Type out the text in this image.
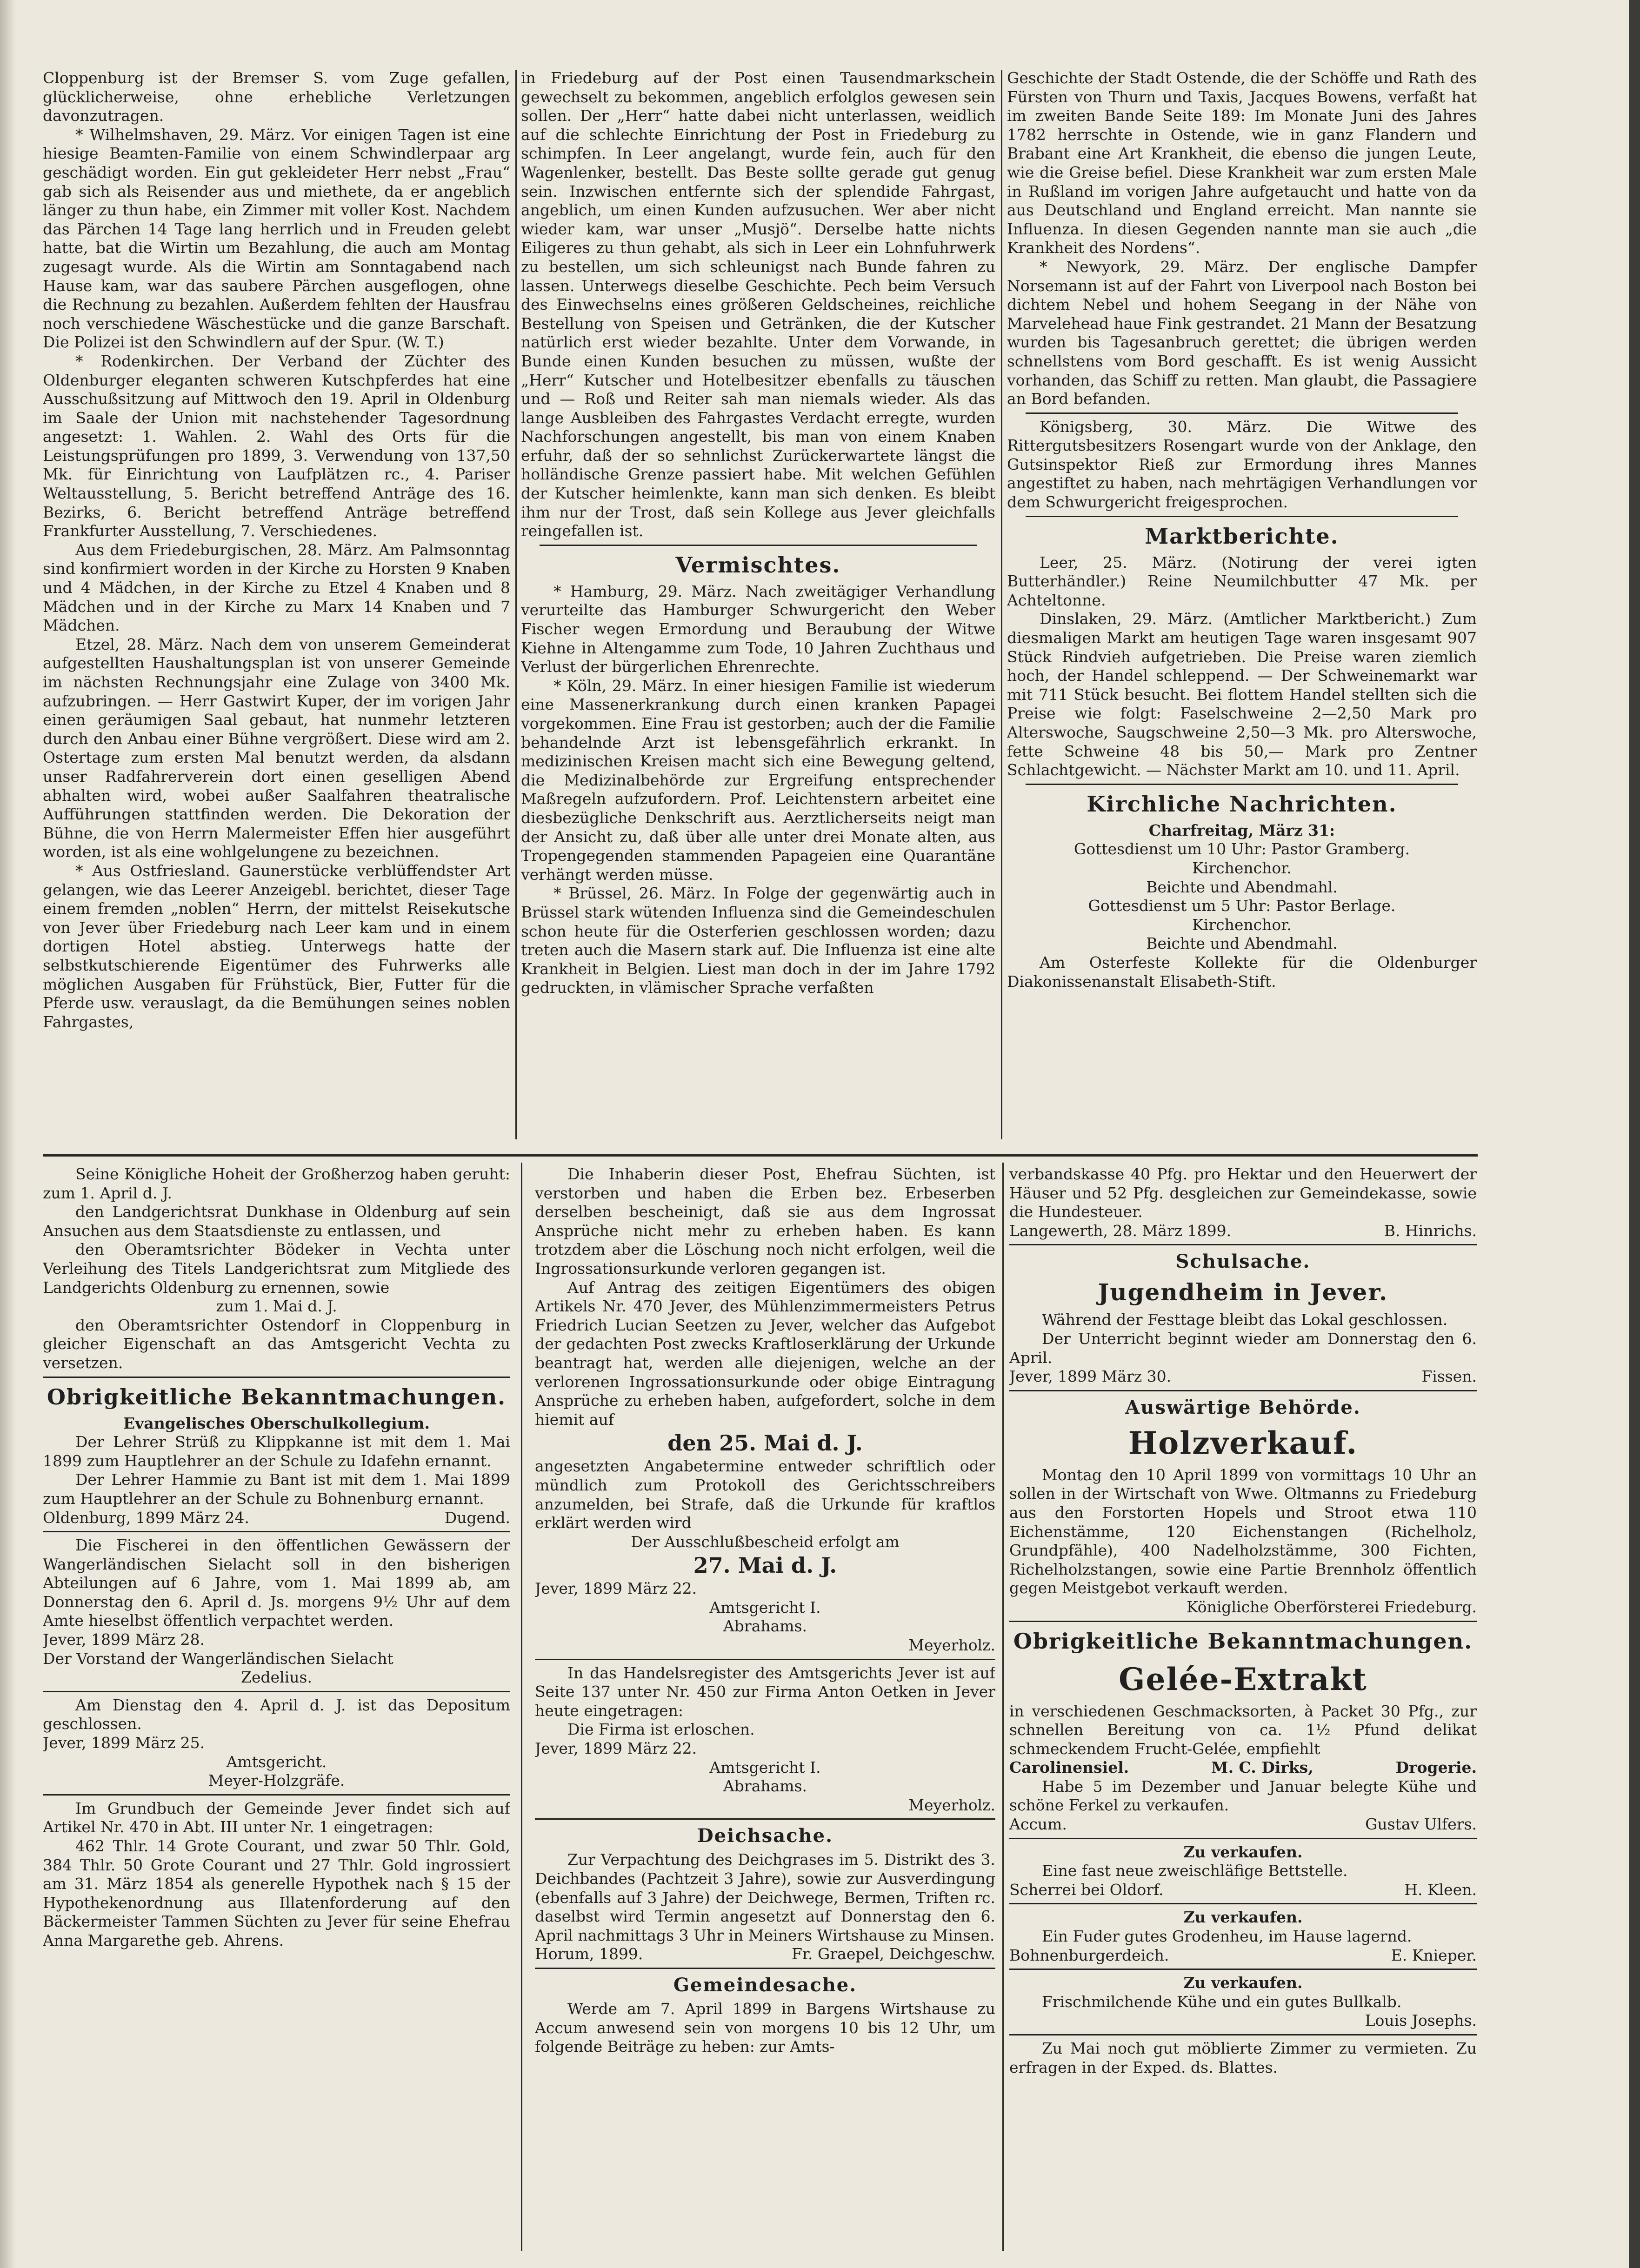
Cloppenburg ist der Bremser S. vom Zuge gefallen, glücklicherweise, ohne erhebliche Verletzungen davonzutragen.

* Wilhelmshaven, 29. März. Vor einigen Tagen ist eine hiesige Beamten-Familie von einem Schwindlerpaar arg geschädigt worden. Ein gut gekleideter Herr nebst „Frau“ gab sich als Reisender aus und miethete, da er angeblich länger zu thun habe, ein Zimmer mit voller Kost. Nachdem das Pärchen 14 Tage lang herrlich und in Freuden gelebt hatte, bat die Wirtin um Bezahlung, die auch am Montag zugesagt wurde. Als die Wirtin am Sonntagabend nach Hause kam, war das saubere Pärchen ausgeflogen, ohne die Rechnung zu bezahlen. Außerdem fehlten der Hausfrau noch verschiedene Wäschestücke und die ganze Barschaft. Die Polizei ist den Schwindlern auf der Spur. (W. T.)

* Rodenkirchen. Der Verband der Züchter des Oldenburger eleganten schweren Kutschpferdes hat eine Ausschußsitzung auf Mittwoch den 19. April in Oldenburg im Saale der Union mit nachstehender Tagesordnung angesetzt: 1. Wahlen. 2. Wahl des Orts für die Leistungsprüfungen pro 1899, 3. Verwendung von 137,50 Mk. für Einrichtung von Laufplätzen rc., 4. Pariser Weltausstellung, 5. Bericht betreffend Anträge des 16. Bezirks, 6. Bericht betreffend Anträge betreffend Frankfurter Ausstellung, 7. Verschiedenes.

Aus dem Friedeburgischen, 28. März. Am Palmsonntag sind konfirmiert worden in der Kirche zu Horsten 9 Knaben und 4 Mädchen, in der Kirche zu Etzel 4 Knaben und 8 Mädchen und in der Kirche zu Marx 14 Knaben und 7 Mädchen.

Etzel, 28. März. Nach dem von unserem Gemeinderat aufgestellten Haushaltungsplan ist von unserer Gemeinde im nächsten Rechnungsjahr eine Zulage von 3400 Mk. aufzubringen. — Herr Gastwirt Kuper, der im vorigen Jahr einen geräumigen Saal gebaut, hat nunmehr letzteren durch den Anbau einer Bühne vergrößert. Diese wird am 2. Ostertage zum ersten Mal benutzt werden, da alsdann unser Radfahrerverein dort einen geselligen Abend abhalten wird, wobei außer Saalfahren theatralische Aufführungen stattfinden werden. Die Dekoration der Bühne, die von Herrn Malermeister Effen hier ausgeführt worden, ist als eine wohlgelungene zu bezeichnen.

* Aus Ostfriesland. Gaunerstücke verblüffendster Art gelangen, wie das Leerer Anzeigebl. berichtet, dieser Tage einem fremden „noblen“ Herrn, der mittelst Reisekutsche von Jever über Friedeburg nach Leer kam und in einem dortigen Hotel abstieg. Unterwegs hatte der selbstkutschierende Eigentümer des Fuhrwerks alle möglichen Ausgaben für Frühstück, Bier, Futter für die Pferde usw. verauslagt, da die Bemühungen seines noblen Fahrgastes,

in Friedeburg auf der Post einen Tausendmarkschein gewechselt zu bekommen, angeblich erfolglos gewesen sein sollen. Der „Herr“ hatte dabei nicht unterlassen, weidlich auf die schlechte Einrichtung der Post in Friedeburg zu schimpfen. In Leer angelangt, wurde fein, auch für den Wagenlenker, bestellt. Das Beste sollte gerade gut genug sein. Inzwischen entfernte sich der splendide Fahrgast, angeblich, um einen Kunden aufzusuchen. Wer aber nicht wieder kam, war unser „Musjö“. Derselbe hatte nichts Eiligeres zu thun gehabt, als sich in Leer ein Lohnfuhrwerk zu bestellen, um sich schleunigst nach Bunde fahren zu lassen. Unterwegs dieselbe Geschichte. Pech beim Versuch des Einwechselns eines größeren Geldscheines, reichliche Bestellung von Speisen und Getränken, die der Kutscher natürlich erst wieder bezahlte. Unter dem Vorwande, in Bunde einen Kunden besuchen zu müssen, wußte der „Herr“ Kutscher und Hotelbesitzer ebenfalls zu täuschen und — Roß und Reiter sah man niemals wieder. Als das lange Ausbleiben des Fahrgastes Verdacht erregte, wurden Nachforschungen angestellt, bis man von einem Knaben erfuhr, daß der so sehnlichst Zurückerwartete längst die holländische Grenze passiert habe. Mit welchen Gefühlen der Kutscher heimlenkte, kann man sich denken. Es bleibt ihm nur der Trost, daß sein Kollege aus Jever gleichfalls reingefallen ist.

Vermischtes.

* Hamburg, 29. März. Nach zweitägiger Verhandlung verurteilte das Hamburger Schwurgericht den Weber Fischer wegen Ermordung und Beraubung der Witwe Kiehne in Altengamme zum Tode, 10 Jahren Zuchthaus und Verlust der bürgerlichen Ehrenrechte.

* Köln, 29. März. In einer hiesigen Familie ist wiederum eine Massenerkrankung durch einen kranken Papagei vorgekommen. Eine Frau ist gestorben; auch der die Familie behandelnde Arzt ist lebensgefährlich erkrankt. In medizinischen Kreisen macht sich eine Bewegung geltend, die Medizinalbehörde zur Ergreifung entsprechender Maßregeln aufzufordern. Prof. Leichtenstern arbeitet eine diesbezügliche Denkschrift aus. Aerztlicherseits neigt man der Ansicht zu, daß über alle unter drei Monate alten, aus Tropengegenden stammenden Papageien eine Quarantäne verhängt werden müsse.

* Brüssel, 26. März. In Folge der gegenwärtig auch in Brüssel stark wütenden Influenza sind die Gemeindeschulen schon heute für die Osterferien geschlossen worden; dazu treten auch die Masern stark auf. Die Influenza ist eine alte Krankheit in Belgien. Liest man doch in der im Jahre 1792 gedruckten, in vlämischer Sprache verfaßten

Geschichte der Stadt Ostende, die der Schöffe und Rath des Fürsten von Thurn und Taxis, Jacques Bowens, verfaßt hat im zweiten Bande Seite 189: Im Monate Juni des Jahres 1782 herrschte in Ostende, wie in ganz Flandern und Brabant eine Art Krankheit, die ebenso die jungen Leute, wie die Greise befiel. Diese Krankheit war zum ersten Male in Rußland im vorigen Jahre aufgetaucht und hatte von da aus Deutschland und England erreicht. Man nannte sie Influenza. In diesen Gegenden nannte man sie auch „die Krankheit des Nordens“.

* Newyork, 29. März. Der englische Dampfer Norsemann ist auf der Fahrt von Liverpool nach Boston bei dichtem Nebel und hohem Seegang in der Nähe von Marvelehead haue Fink gestrandet. 21 Mann der Besatzung wurden bis Tagesanbruch gerettet; die übrigen werden schnellstens vom Bord geschafft. Es ist wenig Aussicht vorhanden, das Schiff zu retten. Man glaubt, die Passagiere an Bord befanden.

Königsberg, 30. März. Die Witwe des Rittergutsbesitzers Rosengart wurde von der Anklage, den Gutsinspektor Rieß zur Ermordung ihres Mannes angestiftet zu haben, nach mehrtägigen Verhandlungen vor dem Schwurgericht freigesprochen.

Marktberichte.

Leer, 25. März. (Notirung der verei igten Butterhändler.) Reine Neumilchbutter 47 Mk. per Achteltonne.

Dinslaken, 29. März. (Amtlicher Marktbericht.) Zum diesmaligen Markt am heutigen Tage waren insgesamt 907 Stück Rindvieh aufgetrieben. Die Preise waren ziemlich hoch, der Handel schleppend. — Der Schweinemarkt war mit 711 Stück besucht. Bei flottem Handel stellten sich die Preise wie folgt: Faselschweine 2—2,50 Mark pro Alterswoche, Saugschweine 2,50—3 Mk. pro Alterswoche, fette Schweine 48 bis 50,— Mark pro Zentner Schlachtgewicht. — Nächster Markt am 10. und 11. April.

Kirchliche Nachrichten.

Charfreitag, März 31:

Gottesdienst um 10 Uhr: Pastor Gramberg.

Kirchenchor.

Beichte und Abendmahl.

Gottesdienst um 5 Uhr: Pastor Berlage.

Kirchenchor.

Beichte und Abendmahl.

Am Osterfeste Kollekte für die Oldenburger Diakonissenanstalt Elisabeth-Stift.

Seine Königliche Hoheit der Großherzog haben geruht: zum 1. April d. J.

den Landgerichtsrat Dunkhase in Oldenburg auf sein Ansuchen aus dem Staatsdienste zu entlassen, und

den Oberamtsrichter Bödeker in Vechta unter Verleihung des Titels Landgerichtsrat zum Mitgliede des Landgerichts Oldenburg zu ernennen, sowie

zum 1. Mai d. J.

den Oberamtsrichter Ostendorf in Cloppenburg in gleicher Eigenschaft an das Amtsgericht Vechta zu versetzen.

Obrigkeitliche Bekanntmachungen.

Evangelisches Oberschulkollegium.

Der Lehrer Strüß zu Klippkanne ist mit dem 1. Mai 1899 zum Hauptlehrer an der Schule zu Idafehn ernannt.

Der Lehrer Hammie zu Bant ist mit dem 1. Mai 1899 zum Hauptlehrer an der Schule zu Bohnenburg ernannt.

Oldenburg, 1899 März 24.	Dugend.

Die Fischerei in den öffentlichen Gewässern der Wangerländischen Sielacht soll in den bisherigen Abteilungen auf 6 Jahre, vom 1. Mai 1899 ab, am Donnerstag den 6. April d. Js. morgens 9½ Uhr auf dem Amte hieselbst öffentlich verpachtet werden.

Jever, 1899 März 28.

Der Vorstand der Wangerländischen Sielacht

Zedelius.

Am Dienstag den 4. April d. J. ist das Depositum geschlossen.

Jever, 1899 März 25.

Amtsgericht.

Meyer-Holzgräfe.

Im Grundbuch der Gemeinde Jever findet sich auf Artikel Nr. 470 in Abt. III unter Nr. 1 eingetragen:

462 Thlr. 14 Grote Courant, und zwar 50 Thlr. Gold, 384 Thlr. 50 Grote Courant und 27 Thlr. Gold ingrossiert am 31. März 1854 als generelle Hypothek nach § 15 der Hypothekenordnung aus Illatenforderung auf den Bäckermeister Tammen Süchten zu Jever für seine Ehefrau Anna Margarethe geb. Ahrens.

Die Inhaberin dieser Post, Ehefrau Süchten, ist verstorben und haben die Erben bez. Erbeserben derselben bescheinigt, daß sie aus dem Ingrossat Ansprüche nicht mehr zu erheben haben. Es kann trotzdem aber die Löschung noch nicht erfolgen, weil die Ingrossationsurkunde verloren gegangen ist.

Auf Antrag des zeitigen Eigentümers des obigen Artikels Nr. 470 Jever, des Mühlenzimmermeisters Petrus Friedrich Lucian Seetzen zu Jever, welcher das Aufgebot der gedachten Post zwecks Kraftloserklärung der Urkunde beantragt hat, werden alle diejenigen, welche an der verlorenen Ingrossationsurkunde oder obige Eintragung Ansprüche zu erheben haben, aufgefordert, solche in dem hiemit auf

den 25. Mai d. J.

angesetzten Angabetermine entweder schriftlich oder mündlich zum Protokoll des Gerichtsschreibers anzumelden, bei Strafe, daß die Urkunde für kraftlos erklärt werden wird

Der Ausschlußbescheid erfolgt am

27. Mai d. J.

Jever, 1899 März 22.

Amtsgericht I.

Abrahams.

Meyerholz.

In das Handelsregister des Amtsgerichts Jever ist auf Seite 137 unter Nr. 450 zur Firma Anton Oetken in Jever heute eingetragen:

Die Firma ist erloschen.

Jever, 1899 März 22.

Amtsgericht I.

Abrahams.

Meyerholz.

Deichsache.

Zur Verpachtung des Deichgrases im 5. Distrikt des 3. Deichbandes (Pachtzeit 3 Jahre), sowie zur Ausverdingung (ebenfalls auf 3 Jahre) der Deichwege, Bermen, Triften rc. daselbst wird Termin angesetzt auf Donnerstag den 6. April nachmittags 3 Uhr in Meiners Wirtshause zu Minsen.

Horum, 1899.	Fr. Graepel, Deichgeschw.
Gemeindesache.

Werde am 7. April 1899 in Bargens Wirtshause zu Accum anwesend sein von morgens 10 bis 12 Uhr, um folgende Beiträge zu heben: zur Amts-

verbandskasse 40 Pfg. pro Hektar und den Heuerwert der Häuser und 52 Pfg. desgleichen zur Gemeindekasse, sowie die Hundesteuer.

Langewerth, 28. März 1899.	B. Hinrichs.
Schulsache.
Jugendheim in Jever.

Während der Festtage bleibt das Lokal geschlossen.

Der Unterricht beginnt wieder am Donnerstag den 6. April.

Jever, 1899 März 30.	Fissen.
Auswärtige Behörde.
Holzverkauf.

Montag den 10 April 1899 von vormittags 10 Uhr an sollen in der Wirtschaft von Wwe. Oltmanns zu Friedeburg aus den Forstorten Hopels und Stroot etwa 110 Eichenstämme, 120 Eichenstangen (Richelholz, Grundpfähle), 400 Nadelholzstämme, 300 Fichten, Richelholzstangen, sowie eine Partie Brennholz öffentlich gegen Meistgebot verkauft werden.

Königliche Oberförsterei Friedeburg.

Obrigkeitliche Bekanntmachungen.
Gelée-Extrakt

in verschiedenen Geschmacksorten, à Packet 30 Pfg., zur schnellen Bereitung von ca. 1½ Pfund delikat schmeckendem Frucht-Gelée, empfiehlt

Carolinensiel.	M. C. Dirks,	Drogerie.

Habe 5 im Dezember und Januar belegte Kühe und schöne Ferkel zu verkaufen.

Accum.	Gustav Ulfers.

Zu verkaufen.

Eine fast neue zweischläfige Bettstelle.

Scherrei bei Oldorf.	H. Kleen.

Zu verkaufen.

Ein Fuder gutes Grodenheu, im Hause lagernd.

Bohnenburgerdeich.	E. Knieper.

Zu verkaufen.

Frischmilchende Kühe und ein gutes Bullkalb.

Louis Josephs.

Zu Mai noch gut möblierte Zimmer zu vermieten. Zu erfragen in der Exped. ds. Blattes.
